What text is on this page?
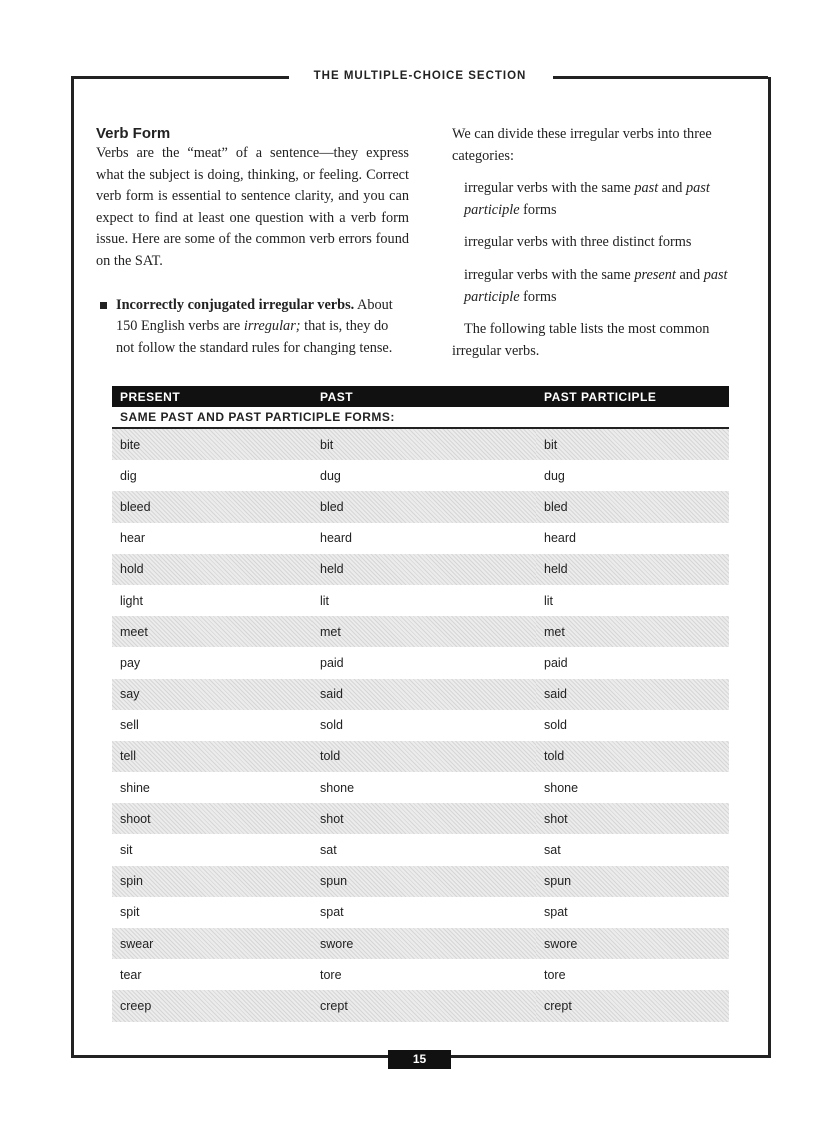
THE MULTIPLE-CHOICE SECTION
Verb Form

Verbs are the “meat” of a sentence—they express what the subject is doing, thinking, or feeling. Correct verb form is essential to sentence clarity, and you can expect to find at least one question with a verb form issue. Here are some of the common verb errors found on the SAT.

Incorrectly conjugated irregular verbs. About 150 English verbs are irregular; that is, they do not follow the standard rules for changing tense.

We can divide these irregular verbs into three categories:

irregular verbs with the same past and past participle forms

irregular verbs with three distinct forms

irregular verbs with the same present and past participle forms

The following table lists the most common irregular verbs.

PRESENT	PAST	PAST PARTICIPLE
SAME PAST AND PAST PARTICIPLE FORMS:		
bite	bit	bit
dig	dug	dug
bleed	bled	bled
hear	heard	heard
hold	held	held
light	lit	lit
meet	met	met
pay	paid	paid
say	said	said
sell	sold	sold
tell	told	told
shine	shone	shone
shoot	shot	shot
sit	sat	sat
spin	spun	spun
spit	spat	spat
swear	swore	swore
tear	tore	tore
creep	crept	crept
15
